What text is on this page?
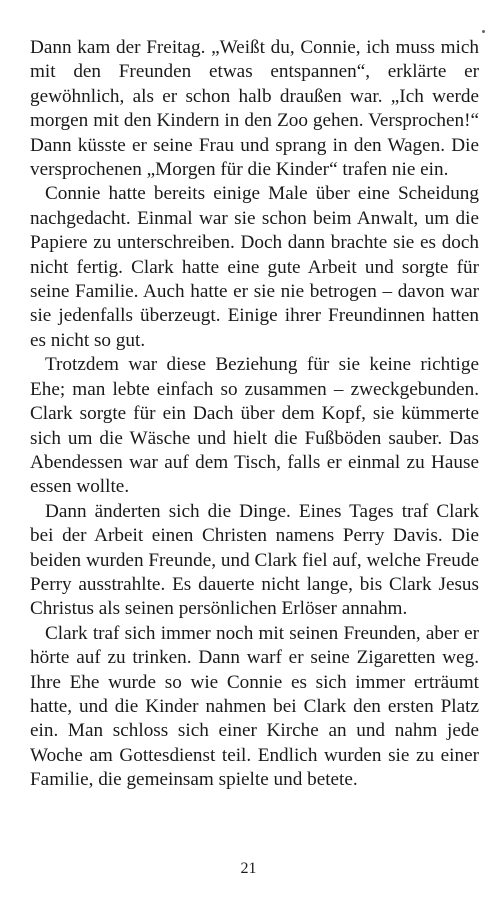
Dann kam der Freitag. „Weißt du, Connie, ich muss mich mit den Freunden etwas entspannen“, erklärte er gewöhnlich, als er schon halb draußen war. „Ich werde morgen mit den Kindern in den Zoo gehen. Versprochen!“ Dann küsste er seine Frau und sprang in den Wagen. Die versprochenen „Morgen für die Kinder“ trafen nie ein.

Connie hatte bereits einige Male über eine Scheidung nachgedacht. Einmal war sie schon beim Anwalt, um die Papiere zu unterschreiben. Doch dann brachte sie es doch nicht fertig. Clark hatte eine gute Arbeit und sorgte für seine Familie. Auch hatte er sie nie betrogen – davon war sie jedenfalls überzeugt. Einige ihrer Freundinnen hatten es nicht so gut.

Trotzdem war diese Beziehung für sie keine richtige Ehe; man lebte einfach so zusammen – zweckgebunden. Clark sorgte für ein Dach über dem Kopf, sie kümmerte sich um die Wäsche und hielt die Fußböden sauber. Das Abendessen war auf dem Tisch, falls er einmal zu Hause essen wollte.

Dann änderten sich die Dinge. Eines Tages traf Clark bei der Arbeit einen Christen namens Perry Davis. Die beiden wurden Freunde, und Clark fiel auf, welche Freude Perry ausstrahlte. Es dauerte nicht lange, bis Clark Jesus Christus als seinen persönlichen Erlöser annahm.

Clark traf sich immer noch mit seinen Freunden, aber er hörte auf zu trinken. Dann warf er seine Zigaretten weg. Ihre Ehe wurde so wie Connie es sich immer erträumt hatte, und die Kinder nahmen bei Clark den ersten Platz ein. Man schloss sich einer Kirche an und nahm jede Woche am Gottesdienst teil. Endlich wurden sie zu einer Familie, die gemeinsam spielte und betete.

21
